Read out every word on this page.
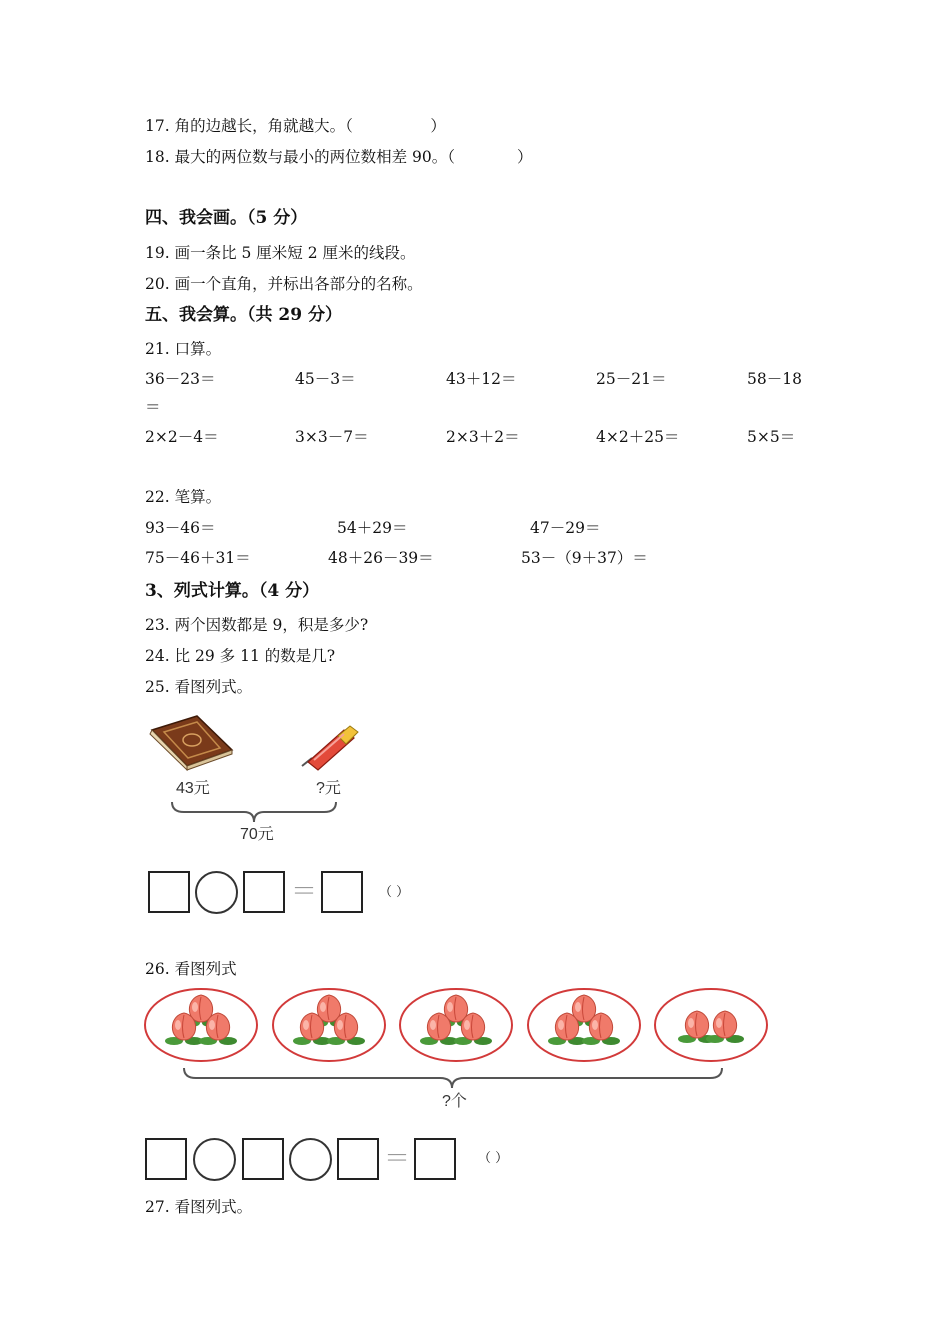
17. 角的边越长，角就越大。（　　　　　）
18. 最大的两位数与最小的两位数相差 90。（　　　　）
四、我会画。（5 分）
19. 画一条比 5 厘米短 2 厘米的线段。
20. 画一个直角，并标出各部分的名称。
五、我会算。（共 29 分）
21. 口算。
36－23＝	45－3＝	43＋12＝	25－21＝	58－18
＝
2×2－4＝	3×3－7＝	2×3＋2＝	4×2＋25＝	5×5＝
22. 笔算。
93－46＝	54＋29＝	47－29＝
75－46＋31＝	48＋26－39＝	53－（9＋37）＝
3、列式计算。（4 分）
23. 两个因数都是 9，积是多少?
24. 比 29 多 11 的数是几?
25. 看图列式。
43元	?元
70元
＝	（ ）
26. 看图列式
?个
＝	（ ）
27. 看图列式。
